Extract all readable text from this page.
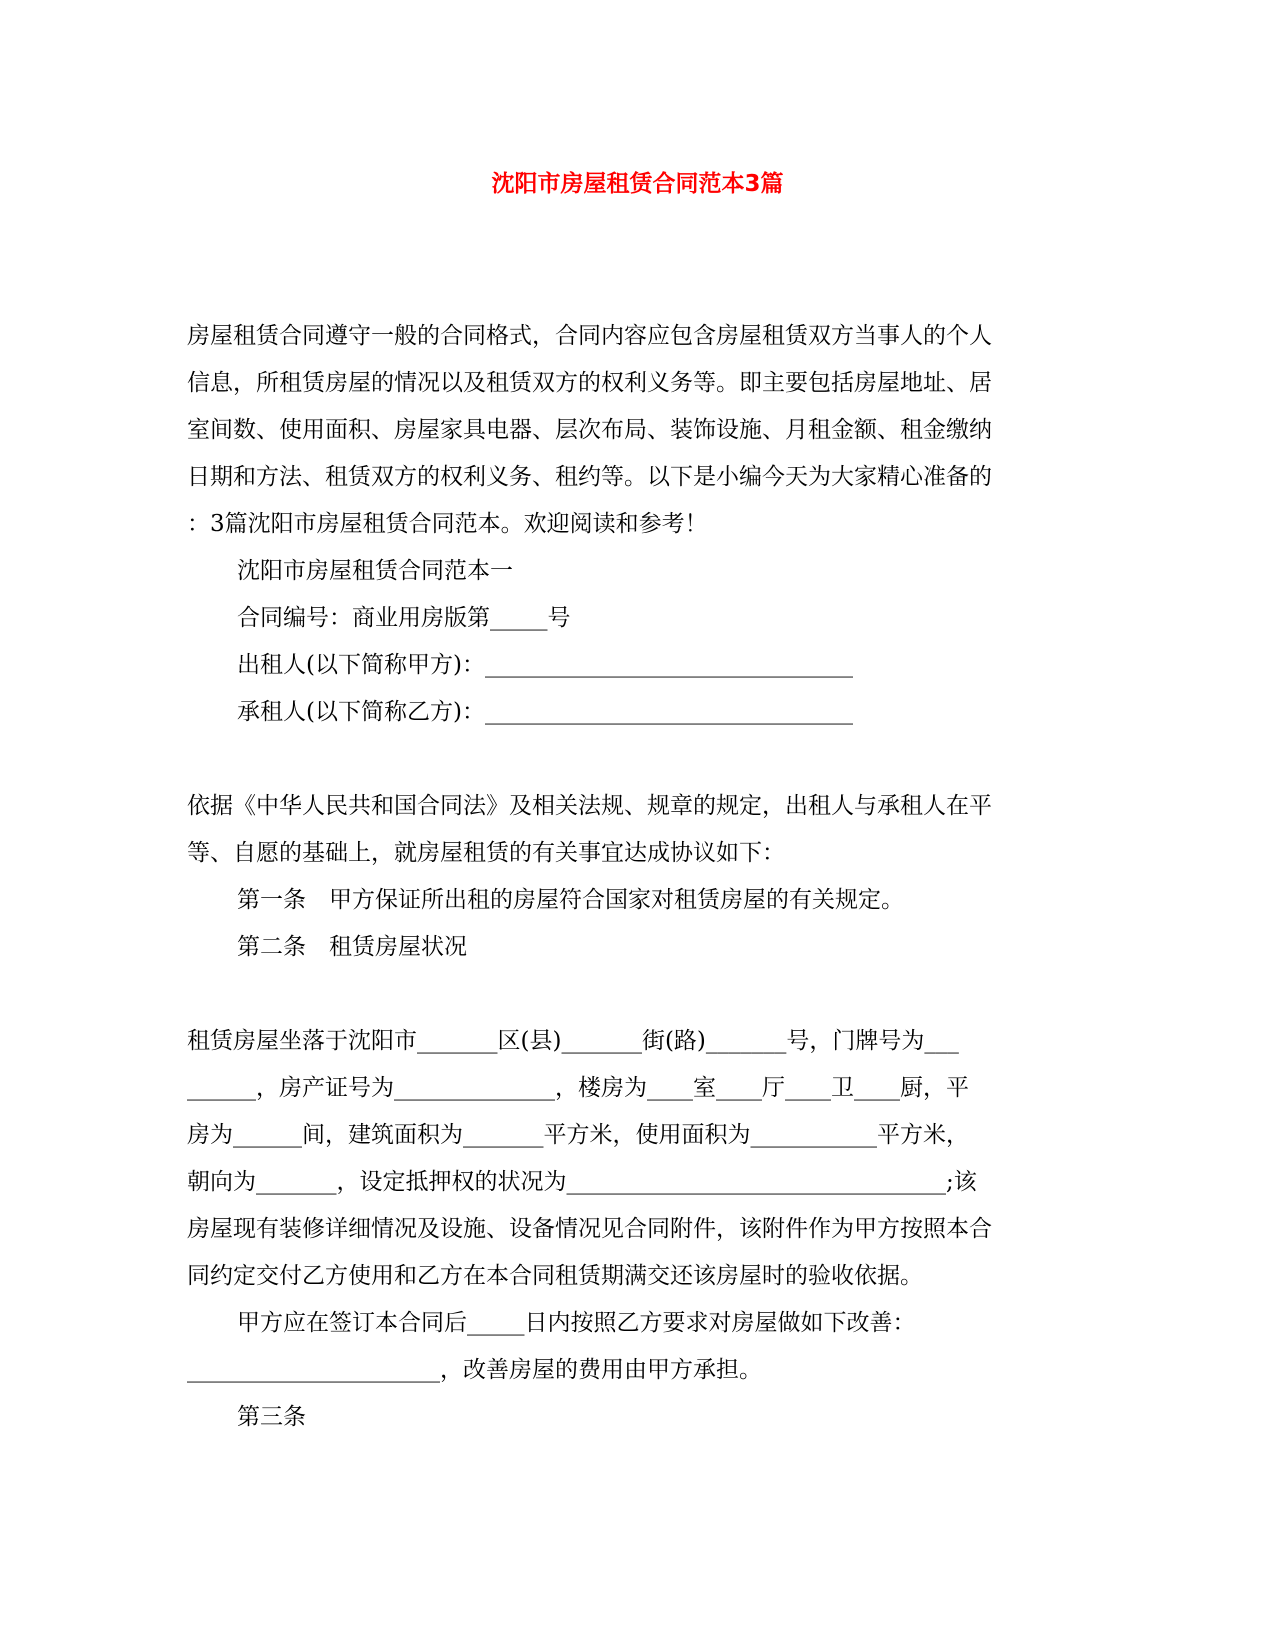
沈阳市房屋租赁合同范本3篇
房屋租赁合同遵守一般的合同格式，合同内容应包含房屋租赁双方当事人的个人
信息，所租赁房屋的情况以及租赁双方的权利义务等。即主要包括房屋地址、居
室间数、使用面积、房屋家具电器、层次布局、装饰设施、月租金额、租金缴纳
日期和方法、租赁双方的权利义务、租约等。以下是小编今天为大家精心准备的
：3篇沈阳市房屋租赁合同范本。欢迎阅读和参考！
沈阳市房屋租赁合同范本一
合同编号：商业用房版第_____号
出租人(以下简称甲方)：________________________________
承租人(以下简称乙方)：________________________________
依据《中华人民共和国合同法》及相关法规、规章的规定，出租人与承租人在平
等、自愿的基础上，就房屋租赁的有关事宜达成协议如下：
第一条　甲方保证所出租的房屋符合国家对租赁房屋的有关规定。
第二条　租赁房屋状况
租赁房屋坐落于沈阳市_______区(县)_______街(路)_______号，门牌号为___
______，房产证号为______________，楼房为____室____厅____卫____厨，平
房为______间，建筑面积为_______平方米，使用面积为___________平方米，
朝向为_______，设定抵押权的状况为_________________________________;该
房屋现有装修详细情况及设施、设备情况见合同附件，该附件作为甲方按照本合
同约定交付乙方使用和乙方在本合同租赁期满交还该房屋时的验收依据。
甲方应在签订本合同后_____日内按照乙方要求对房屋做如下改善：
______________________，改善房屋的费用由甲方承担。
第三条
